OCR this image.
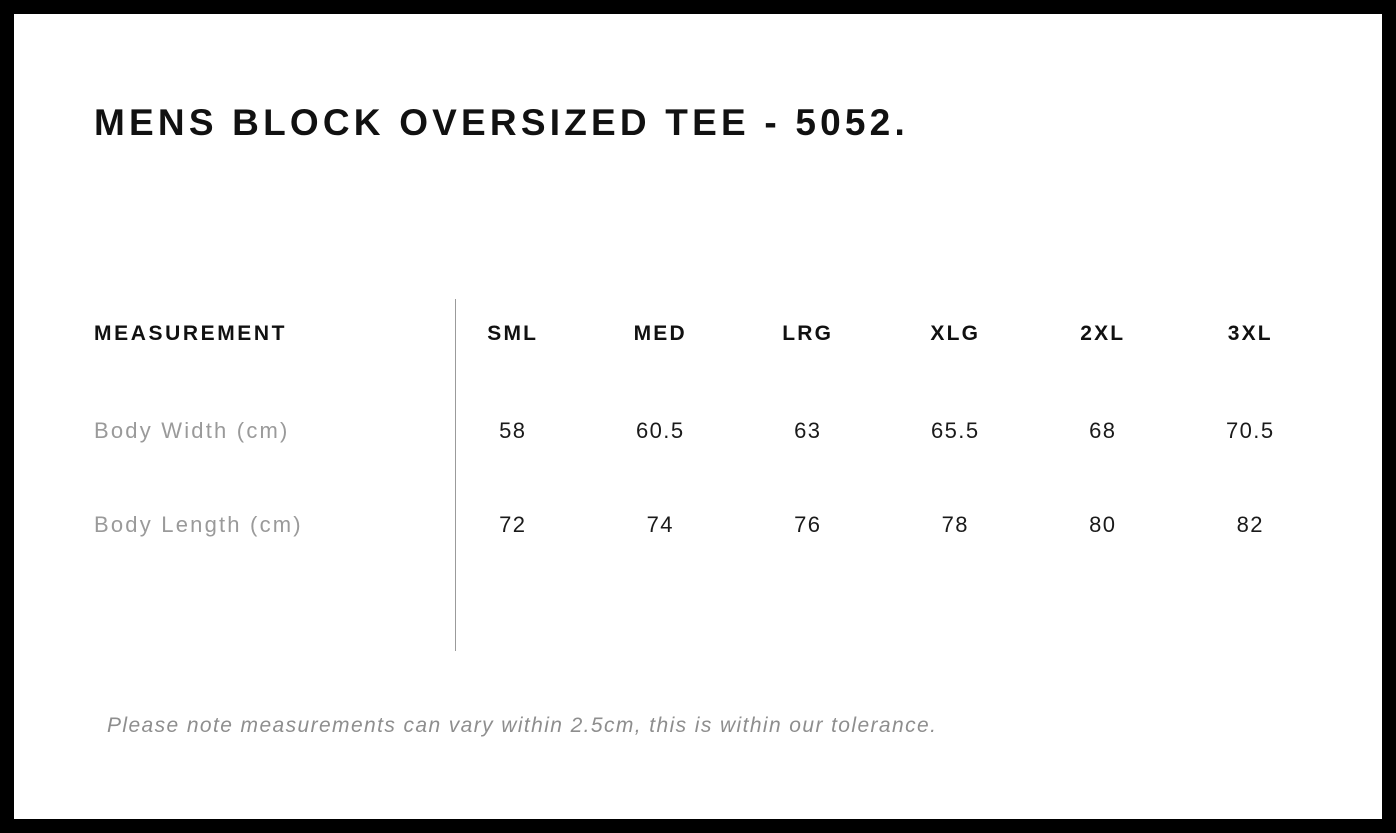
MENS BLOCK OVERSIZED TEE - 5052.
MEASUREMENT	SML	MED	LRG	XLG	2XL	3XL
Body Width (cm)	58	60.5	63	65.5	68	70.5
Body Length (cm)	72	74	76	78	80	82
Please note measurements can vary within 2.5cm, this is within our tolerance.
